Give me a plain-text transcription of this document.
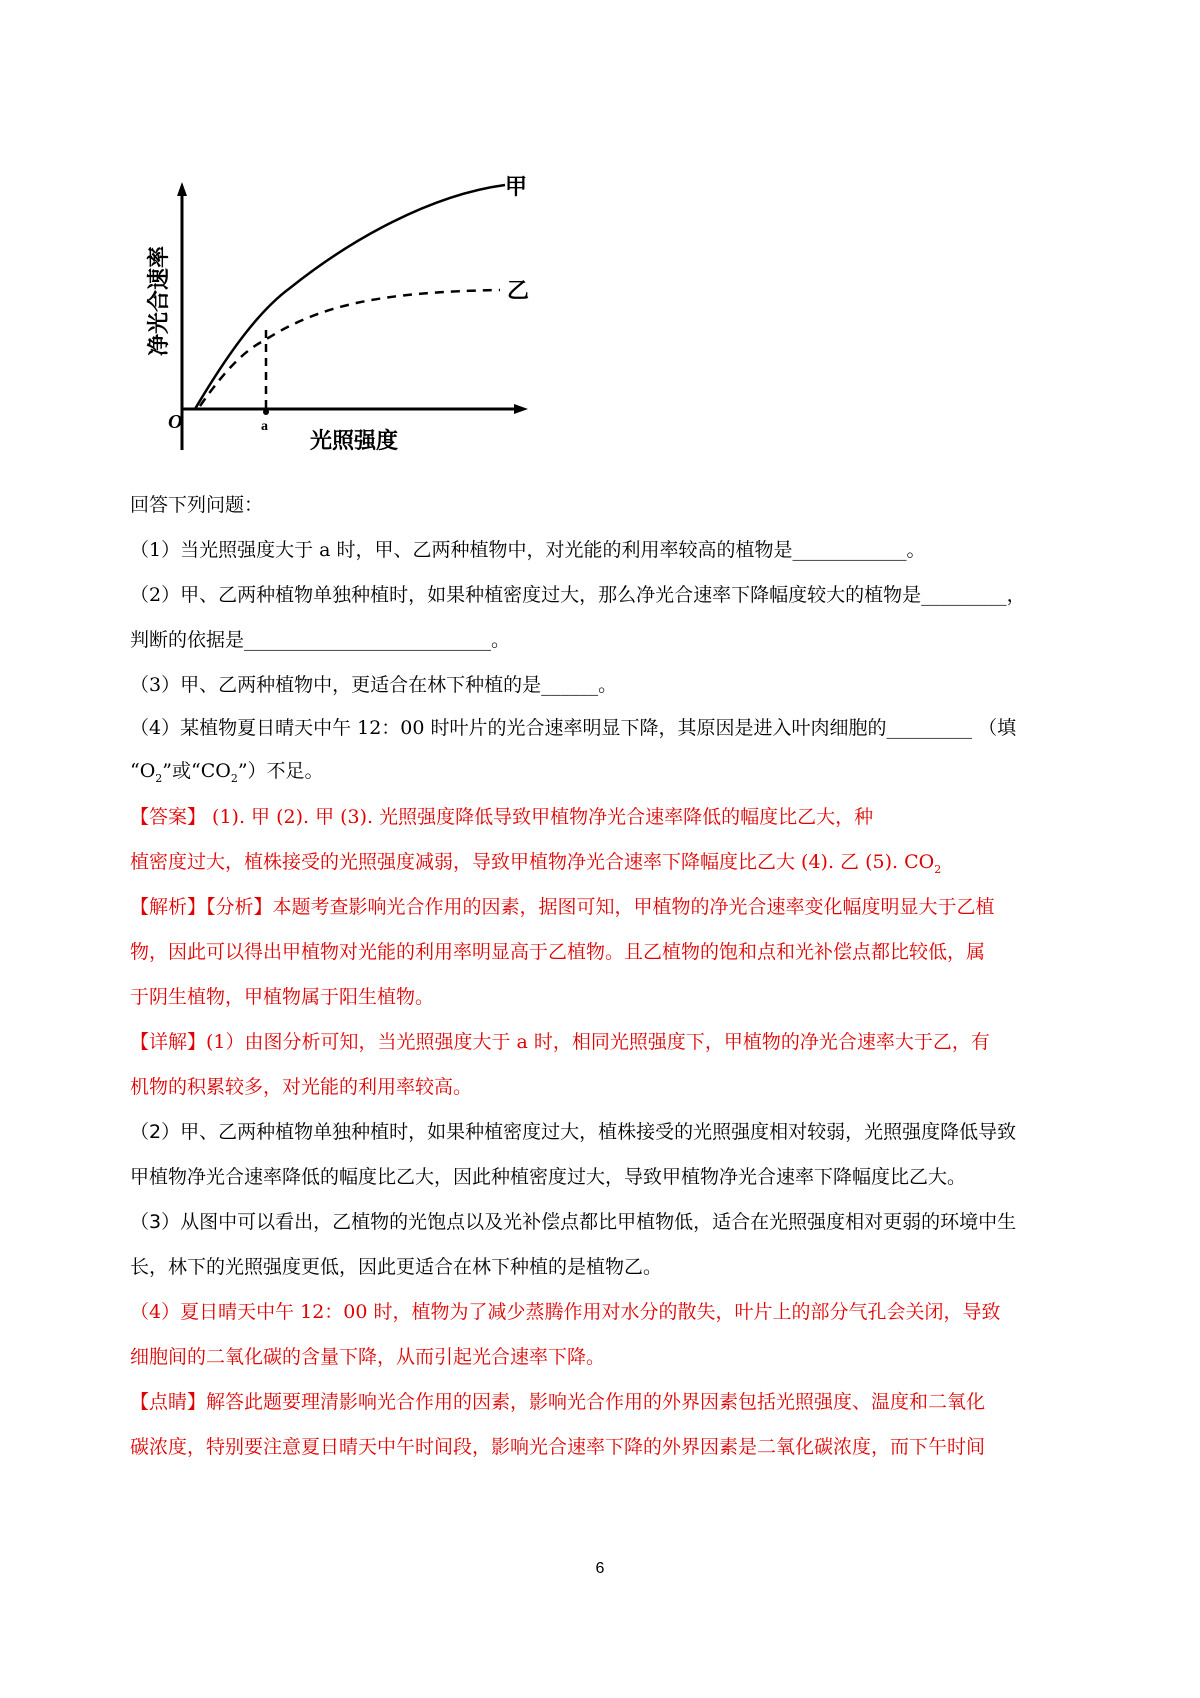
O	a
光照强度
甲
乙
净光合速率
回答下列问题：
（1）当光照强度大于 a 时，甲、乙两种植物中，对光能的利用率较高的植物是____________。
（2）甲、乙两种植物单独种植时，如果种植密度过大，那么净光合速率下降幅度较大的植物是_________，
判断的依据是__________________________。
（3）甲、乙两种植物中，更适合在林下种植的是______。
（4）某植物夏日晴天中午 12：00 时叶片的光合速率明显下降，其原因是进入叶肉细胞的_________ （填
“$O_2$”或“$CO_2$”）不足。
【答案】 (1). 甲 (2). 甲 (3). 光照强度降低导致甲植物净光合速率降低的幅度比乙大，种
植密度过大，植株接受的光照强度减弱，导致甲植物净光合速率下降幅度比乙大 (4). 乙 (5). $CO_2$
【解析】【分析】本题考查影响光合作用的因素，据图可知，甲植物的净光合速率变化幅度明显大于乙植
物，因此可以得出甲植物对光能的利用率明显高于乙植物。且乙植物的饱和点和光补偿点都比较低，属
于阴生植物，甲植物属于阳生植物。
【详解】(1）由图分析可知，当光照强度大于 a 时，相同光照强度下，甲植物的净光合速率大于乙，有
机物的积累较多，对光能的利用率较高。
（2）甲、乙两种植物单独种植时，如果种植密度过大，植株接受的光照强度相对较弱，光照强度降低导致
甲植物净光合速率降低的幅度比乙大，因此种植密度过大，导致甲植物净光合速率下降幅度比乙大。
（3）从图中可以看出，乙植物的光饱点以及光补偿点都比甲植物低，适合在光照强度相对更弱的环境中生
长，林下的光照强度更低，因此更适合在林下种植的是植物乙。
（4）夏日晴天中午 12：00 时，植物为了减少蒸腾作用对水分的散失，叶片上的部分气孔会关闭，导致
细胞间的二氧化碳的含量下降，从而引起光合速率下降。
【点睛】解答此题要理清影响光合作用的因素，影响光合作用的外界因素包括光照强度、温度和二氧化
碳浓度，特别要注意夏日晴天中午时间段，影响光合速率下降的外界因素是二氧化碳浓度，而下午时间
6
